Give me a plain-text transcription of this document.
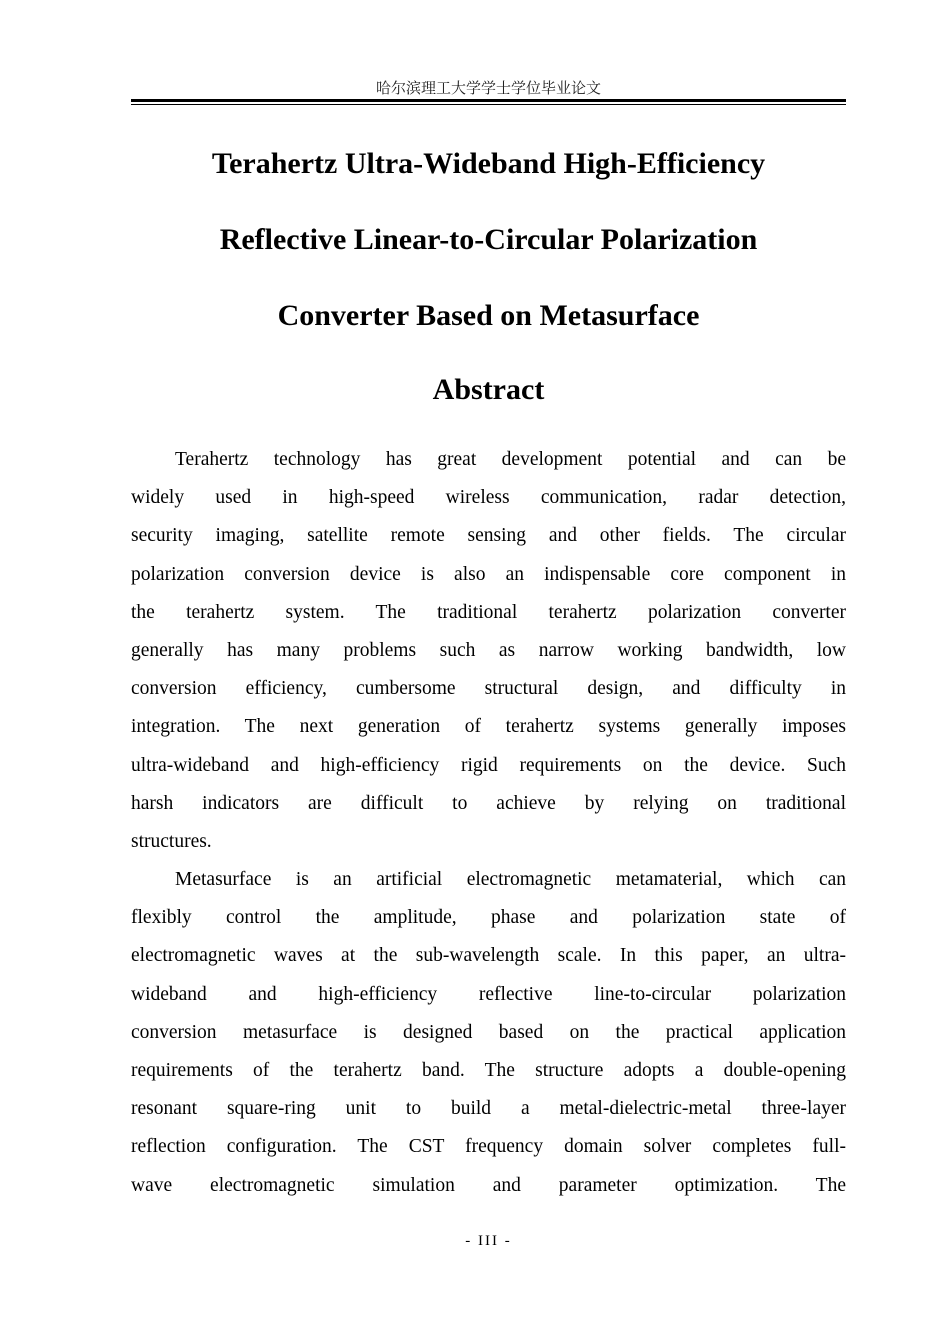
哈尔滨理工大学学士学位毕业论文
Terahertz Ultra-Wideband High-Efficiency
Reflective Linear-to-Circular Polarization
Converter Based on Metasurface
Abstract
Terahertz technology has great development potential and can be
widely used in high-speed wireless communication, radar detection,
security imaging, satellite remote sensing and other fields. The circular
polarization conversion device is also an indispensable core component in
the terahertz system. The traditional terahertz polarization converter
generally has many problems such as narrow working bandwidth, low
conversion efficiency, cumbersome structural design, and difficulty in
integration. The next generation of terahertz systems generally imposes
ultra-wideband and high-efficiency rigid requirements on the device. Such
harsh indicators are difficult to achieve by relying on traditional
structures.
Metasurface is an artificial electromagnetic metamaterial, which can
flexibly control the amplitude, phase and polarization state of
electromagnetic waves at the sub-wavelength scale. In this paper, an ultra-
wideband and high-efficiency reflective line-to-circular polarization
conversion metasurface is designed based on the practical application
requirements of the terahertz band. The structure adopts a double-opening
resonant square-ring unit to build a metal-dielectric-metal three-layer
reflection configuration. The CST frequency domain solver completes full-
wave electromagnetic simulation and parameter optimization. The
- III -
